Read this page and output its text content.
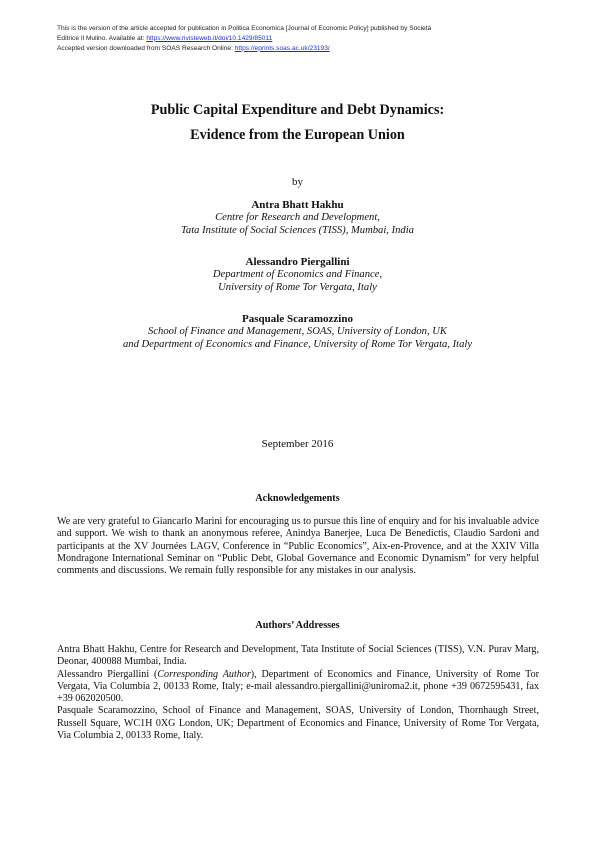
This is the version of the article accepted for publication in Politica Economica [Journal of Economic Policy] published by Società
Editrice Il Mulino. Available at: https://www.rivisteweb.it/doi/10.1429/85011
Accepted version downloaded from SOAS Research Online: https://eprints.soas.ac.uk/23193/
Public Capital Expenditure and Debt Dynamics:
Evidence from the European Union
by
Antra Bhatt Hakhu
Centre for Research and Development,
Tata Institute of Social Sciences (TISS), Mumbai, India
Alessandro Piergallini
Department of Economics and Finance,
University of Rome Tor Vergata, Italy
Pasquale Scaramozzino
School of Finance and Management, SOAS, University of London, UK
and Department of Economics and Finance, University of Rome Tor Vergata, Italy
September 2016
Acknowledgements

We are very grateful to Giancarlo Marini for encouraging us to pursue this line of enquiry and for his invaluable advice and support. We wish to thank an anonymous referee, Anindya Banerjee, Luca De Benedictis, Claudio Sardoni and participants at the XV Journées LAGV, Conference in “Public Economics”, Aix-en-Provence, and at the XXIV Villa Mondragone International Seminar on “Public Debt, Global Governance and Economic Dynamism” for very helpful comments and discussions. We remain fully responsible for any mistakes in our analysis.

Authors’ Addresses

Antra Bhatt Hakhu, Centre for Research and Development, Tata Institute of Social Sciences (TISS), V.N. Purav Marg, Deonar, 400088 Mumbai, India.

Alessandro Piergallini (Corresponding Author), Department of Economics and Finance, University of Rome Tor Vergata, Via Columbia 2, 00133 Rome, Italy; e-mail alessandro.piergallini@uniroma2.it, phone +39 0672595431, fax +39 062020500.

Pasquale Scaramozzino, School of Finance and Management, SOAS, University of London, Thornhaugh Street, Russell Square, WC1H 0XG London, UK; Department of Economics and Finance, University of Rome Tor Vergata, Via Columbia 2, 00133 Rome, Italy.
